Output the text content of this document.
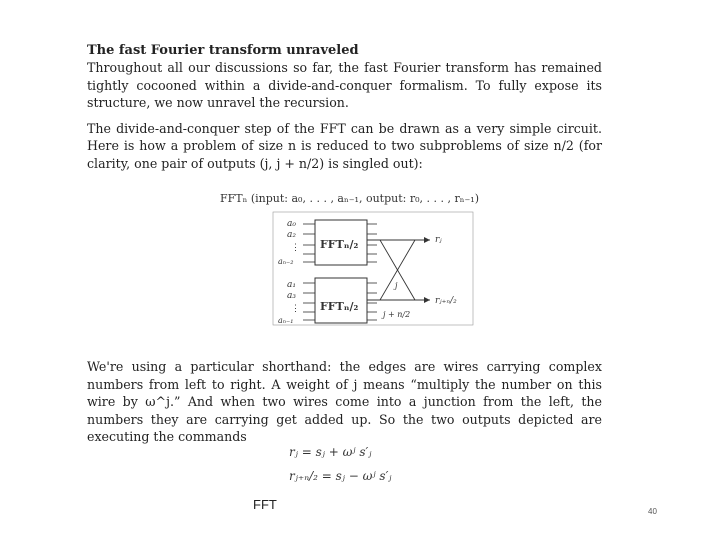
The fast Fourier transform unraveled

Throughout all our discussions so far, the fast Fourier transform has remained tightly cocooned within a divide-and-conquer formalism. To fully expose its structure, we now unravel the recursion.

The divide-and-conquer step of the FFT can be drawn as a very simple circuit. Here is how a problem of size n is reduced to two subproblems of size n/2 (for clarity, one pair of outputs (j, j + n/2) is singled out):

FFTₙ (input: a₀, . . . , aₙ₋₁, output: r₀, . . . , rₙ₋₁)
FFTₙ/₂
FFTₙ/₂
a₀
a₂
⋮
aₙ₋₂
a₁
a₃
⋮
aₙ₋₁
j
j + n/2
rⱼ
rⱼ₊ₙ/₂

We're using a particular shorthand: the edges are wires carrying complex numbers from left to right. A weight of j means “multiply the number on this wire by ω^j.” And when two wires come into a junction from the left, the numbers they are carrying get added up. So the two outputs depicted are executing the commands

rⱼ = sⱼ + ωʲ s′ⱼ
rⱼ₊ₙ/₂ = sⱼ − ωʲ s′ⱼ
FFT	40
